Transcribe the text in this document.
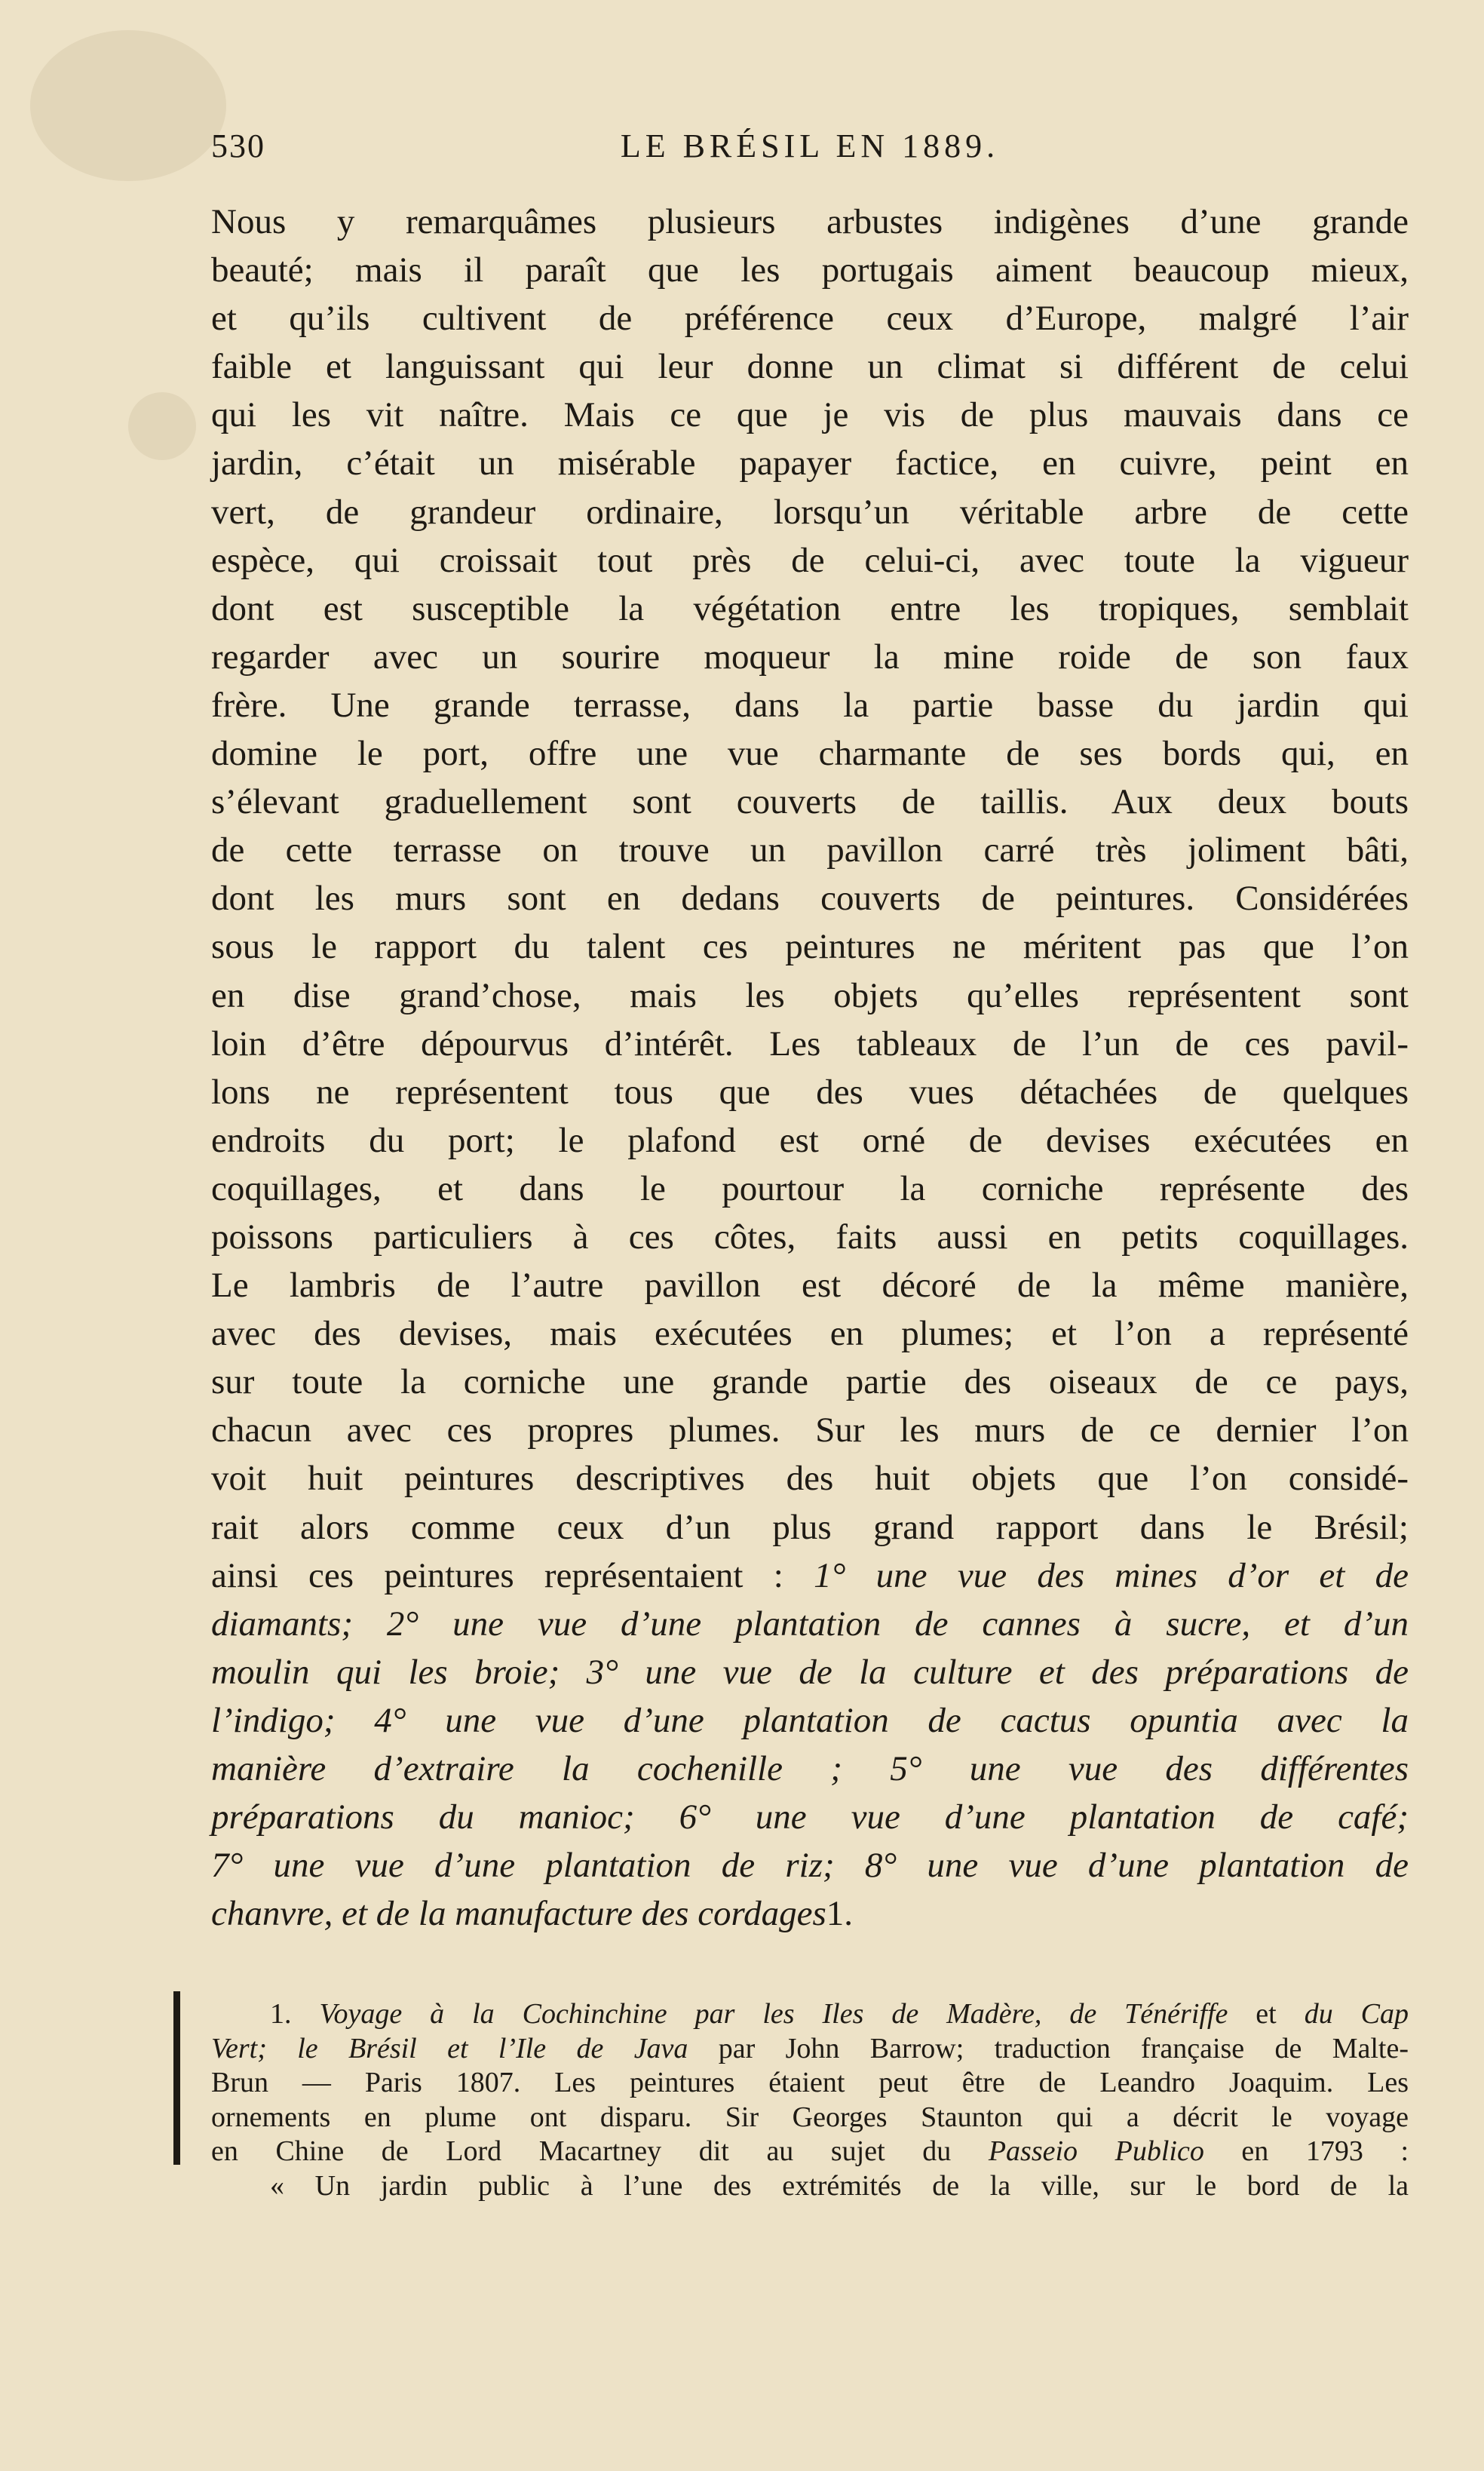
530	LE BRÉSIL EN 1889.
Nous y remarquâmes plusieurs arbustes indigènes d’une grande
beauté; mais il paraît que les portugais aiment beaucoup mieux,
et qu’ils cultivent de préférence ceux d’Europe, malgré l’air
faible et languissant qui leur donne un climat si différent de celui
qui les vit naître. Mais ce que je vis de plus mauvais dans ce
jardin, c’était un misérable papayer factice, en cuivre, peint en
vert, de grandeur ordinaire, lorsqu’un véritable arbre de cette
espèce, qui croissait tout près de celui-ci, avec toute la vigueur
dont est susceptible la végétation entre les tropiques, semblait
regarder avec un sourire moqueur la mine roide de son faux
frère. Une grande terrasse, dans la partie basse du jardin qui
domine le port, offre une vue charmante de ses bords qui, en
s’élevant graduellement sont couverts de taillis. Aux deux bouts
de cette terrasse on trouve un pavillon carré très joliment bâti,
dont les murs sont en dedans couverts de peintures. Considérées
sous le rapport du talent ces peintures ne méritent pas que l’on
en dise grand’chose, mais les objets qu’elles représentent sont
loin d’être dépourvus d’intérêt. Les tableaux de l’un de ces pavil-
lons ne représentent tous que des vues détachées de quelques
endroits du port; le plafond est orné de devises exécutées en
coquillages, et dans le pourtour la corniche représente des
poissons particuliers à ces côtes, faits aussi en petits coquillages.
Le lambris de l’autre pavillon est décoré de la même manière,
avec des devises, mais exécutées en plumes; et l’on a représenté
sur toute la corniche une grande partie des oiseaux de ce pays,
chacun avec ces propres plumes. Sur les murs de ce dernier l’on
voit huit peintures descriptives des huit objets que l’on considé-
rait alors comme ceux d’un plus grand rapport dans le Brésil;
ainsi ces peintures représentaient : 1° une vue des mines d’or et de
diamants; 2° une vue d’une plantation de cannes à sucre, et d’un
moulin qui les broie; 3° une vue de la culture et des préparations de
l’indigo; 4° une vue d’une plantation de cactus opuntia avec la
manière d’extraire la cochenille ; 5° une vue des différentes
préparations du manioc; 6° une vue d’une plantation de café;
7° une vue d’une plantation de riz; 8° une vue d’une plantation de
chanvre, et de la manufacture des cordages1.
1. Voyage à la Cochinchine par les Iles de Madère, de Ténériffe et du Cap
Vert; le Brésil et l’Ile de Java par John Barrow; traduction française de Malte-
Brun — Paris 1807. Les peintures étaient peut être de Leandro Joaquim. Les
ornements en plume ont disparu. Sir Georges Staunton qui a décrit le voyage
en Chine de Lord Macartney dit au sujet du Passeio Publico en 1793 :
« Un jardin public à l’une des extrémités de la ville, sur le bord de la
